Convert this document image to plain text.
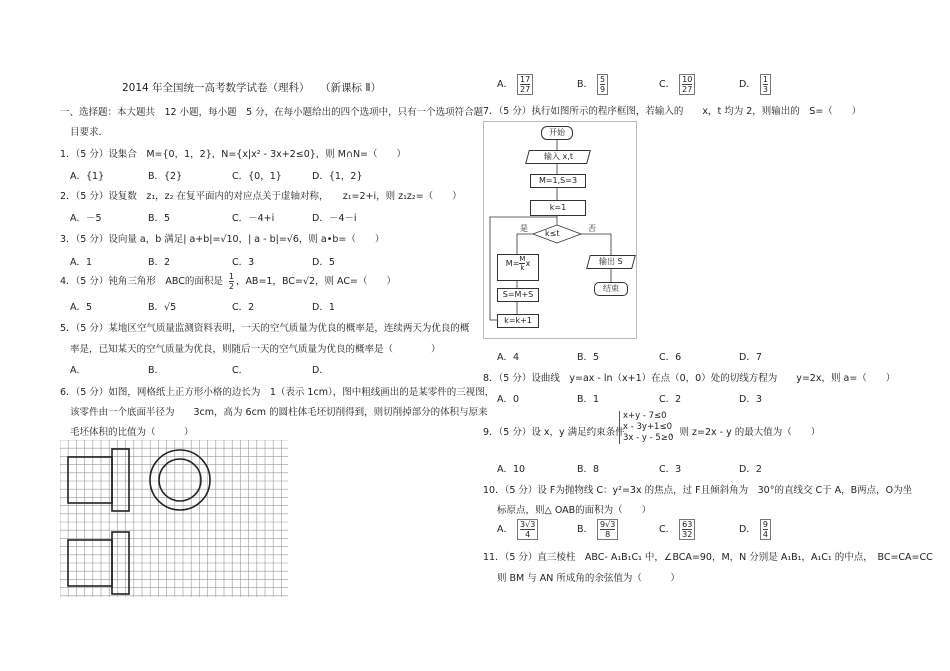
2014 年全国统一高考数学试卷（理科）　　（新课标 Ⅱ）
一、选择题：本大题共　12 小题，每小题　5 分，在每小题给出的四个选项中，只有一个选项符合题
目要求．
1．（5 分）设集合　M={0，1，2}，N={x|x² - 3x+2≤0}，则 M∩N=（　　）
A．{1}	B．{2}	C．{0，1}	D．{1，2}
2．（5 分）设复数　z₁，z₂ 在复平面内的对应点关于虚轴对称，　　z₁=2+i，则 z₁z₂=（　　）
A．－5	B．5	C．－4+i	D．－4－i
3．（5 分）设向量 a，b 满足| a+b|=√10，| a - b|=√6，则 a•b=（　　）
A．1	B．2	C．3	D．5
4．（5 分）钝角三角形　ABC的面积是 $\frac{1}{2}$ ，AB=1，BC=√2，则 AC=（　　）
A．5	B．√5	C．2	D．1
5．（5 分）某地区空气质量监测资料表明，一天的空气质量为优良的概率是，连续两天为优良的概
率是，已知某天的空气质量为优良，则随后一天的空气质量为优良的概率是（　　　　）
A．	B．	C．	D．
6．（5 分）如图，网格纸上正方形小格的边长为　1（表示 1cm），图中粗线画出的是某零件的三视图，
该零件由一个底面半径为　　3cm，高为 6cm 的圆柱体毛坯切削得到，则切削掉部分的体积与原来
毛坯体积的比值为（　　　）
A． $\frac{17}{27}$	B． $\frac{5}{9}$	C． $\frac{10}{27}$	D． $\frac{1}{3}$
7．（5 分）执行如图所示的程序框图，若输入的　　x，t 均为 2，则输出的　S=（　　）
开始
输入 x,t
M=1,S=3
k=1
k≤t
是	否
$M= \frac{M}{k}$ x
S=M+S
k=k+1
输出 S
结束
A．4	B．5	C．6	D．7
8．（5 分）设曲线　y=ax - ln（x+1）在点（0，0）处的切线方程为　　y=2x，则 a=（　　）
A．0	B．1	C．2	D．3
9．（5 分）设 x，y 满足约束条件
x+y - 7≤0
x - 3y+1≤0
3x - y - 5≥0
，则 z=2x - y 的最大值为（　　）
A．10	B．8	C．3	D．2
10．（5 分）设 F为抛物线 C：y²=3x 的焦点，过 F且倾斜角为　30°的直线交 C于 A，B两点，O为坐
标原点，则△ OAB的面积为（　　）
A． $\frac{3√3}{4}$	B． $\frac{9√3}{8}$	C． $\frac{63}{32}$	D． $\frac{9}{4}$
11．（5 分）直三棱柱　ABC- A₁B₁C₁ 中，∠BCA=90，M，N 分别是 A₁B₁，A₁C₁ 的中点，　BC=CA=CC
则 BM 与 AN 所成角的余弦值为（　　　）
